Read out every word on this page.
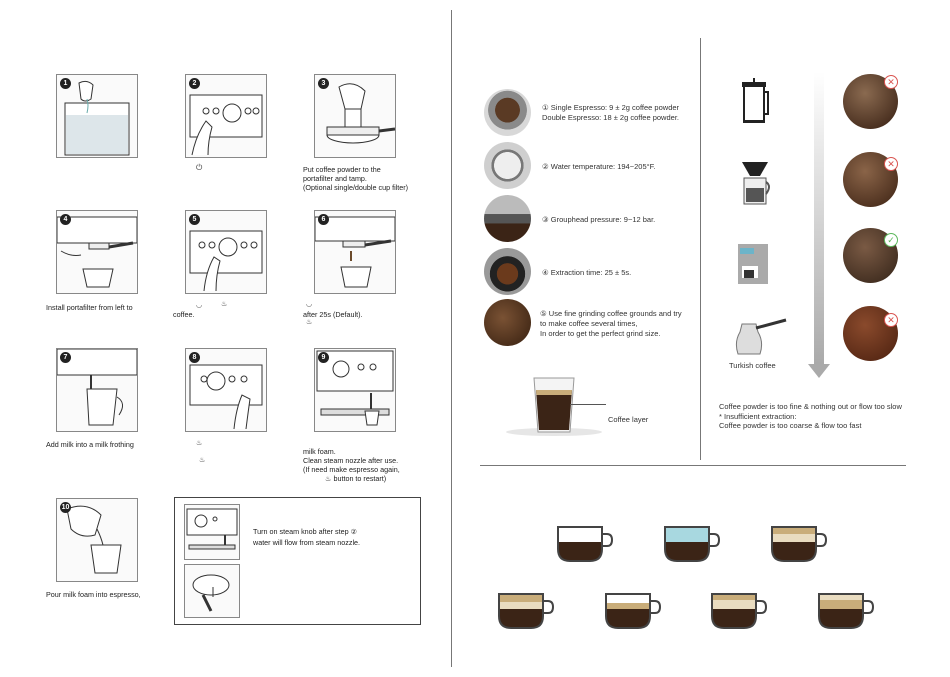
1	2
⏻
3
Put coffee powder to the
portafilter and tamp.
(Optional single/double cup filter)
4
Install portafilter from left to
5
◡	♨
coffee.
6
◡
after 25s (Default).
♨
7
Add milk into a milk frothing
8
♨
♨
9
milk foam.
Clean steam nozzle after use.
(If need make espresso again,
♨ button to restart)
10
Pour milk foam into espresso,
Turn on steam knob after step ②
water will flow from steam nozzle.
① Single Espresso: 9 ± 2g coffee powder
Double Espresso: 18 ± 2g coffee powder.
② Water temperature: 194~205°F.
③ Grouphead pressure: 9~12 bar.
④ Extraction time: 25 ± 5s.
⑤ Use fine grinding coffee grounds and try
to make coffee several times,
In order to get the perfect grind size.
Coffee layer
Turkish coffee
✕
✕
✓
✕
Coffee powder is too fine & nothing out or flow too slow
* Insufficient extraction:
Coffee powder is too coarse & flow too fast
